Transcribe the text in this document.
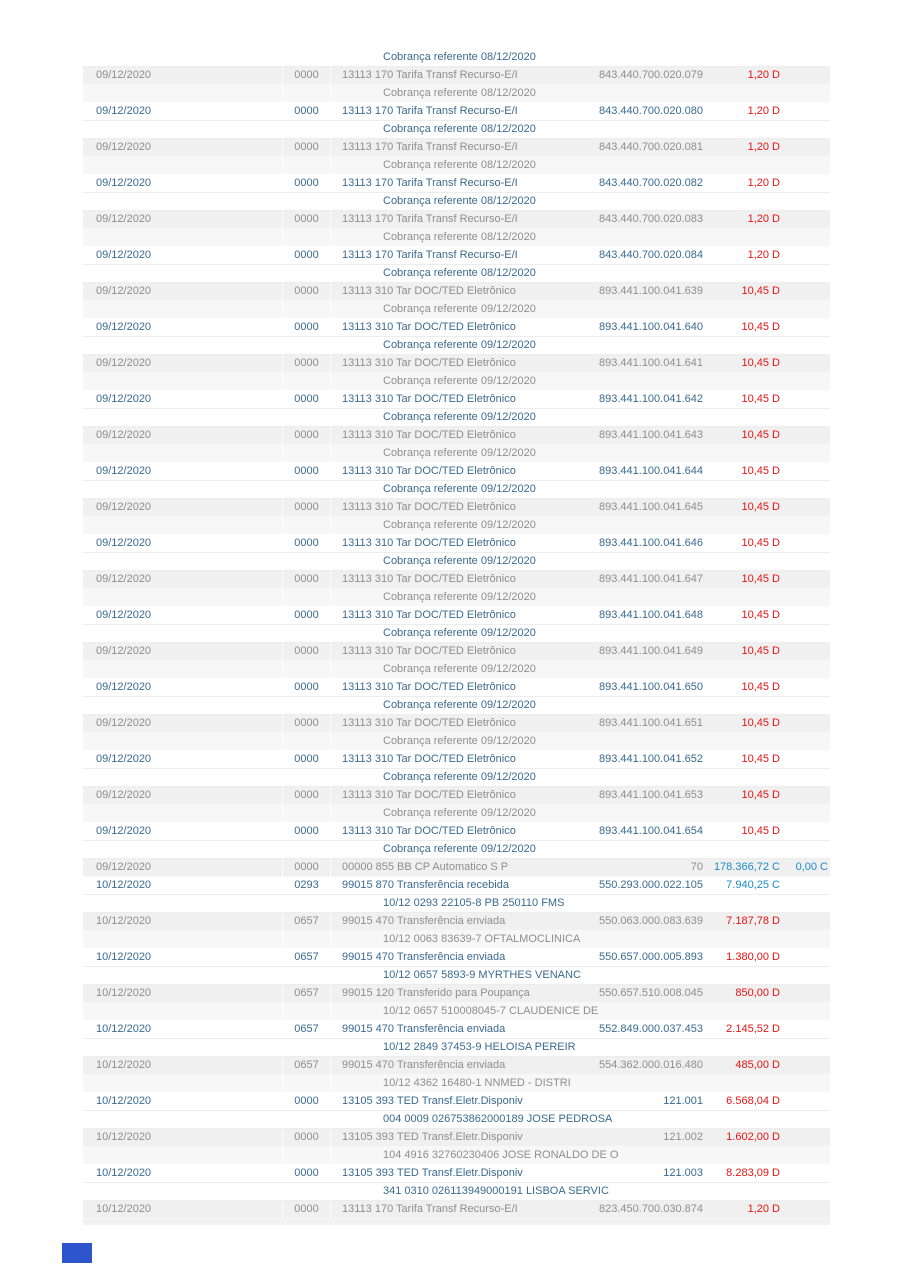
Cobrança referente 08/12/2020
09/12/2020	0000	13113 170 Tarifa Transf Recurso-E/I	843.440.700.020.079	1,20 D
Cobrança referente 08/12/2020
09/12/2020	0000	13113 170 Tarifa Transf Recurso-E/I	843.440.700.020.080	1,20 D
Cobrança referente 08/12/2020
09/12/2020	0000	13113 170 Tarifa Transf Recurso-E/I	843.440.700.020.081	1,20 D
Cobrança referente 08/12/2020
09/12/2020	0000	13113 170 Tarifa Transf Recurso-E/I	843.440.700.020.082	1,20 D
Cobrança referente 08/12/2020
09/12/2020	0000	13113 170 Tarifa Transf Recurso-E/I	843.440.700.020.083	1,20 D
Cobrança referente 08/12/2020
09/12/2020	0000	13113 170 Tarifa Transf Recurso-E/I	843.440.700.020.084	1,20 D
Cobrança referente 08/12/2020
09/12/2020	0000	13113 310 Tar DOC/TED Eletrônico	893.441.100.041.639	10,45 D
Cobrança referente 09/12/2020
09/12/2020	0000	13113 310 Tar DOC/TED Eletrônico	893.441.100.041.640	10,45 D
Cobrança referente 09/12/2020
09/12/2020	0000	13113 310 Tar DOC/TED Eletrônico	893.441.100.041.641	10,45 D
Cobrança referente 09/12/2020
09/12/2020	0000	13113 310 Tar DOC/TED Eletrônico	893.441.100.041.642	10,45 D
Cobrança referente 09/12/2020
09/12/2020	0000	13113 310 Tar DOC/TED Eletrônico	893.441.100.041.643	10,45 D
Cobrança referente 09/12/2020
09/12/2020	0000	13113 310 Tar DOC/TED Eletrônico	893.441.100.041.644	10,45 D
Cobrança referente 09/12/2020
09/12/2020	0000	13113 310 Tar DOC/TED Eletrônico	893.441.100.041.645	10,45 D
Cobrança referente 09/12/2020
09/12/2020	0000	13113 310 Tar DOC/TED Eletrônico	893.441.100.041.646	10,45 D
Cobrança referente 09/12/2020
09/12/2020	0000	13113 310 Tar DOC/TED Eletrônico	893.441.100.041.647	10,45 D
Cobrança referente 09/12/2020
09/12/2020	0000	13113 310 Tar DOC/TED Eletrônico	893.441.100.041.648	10,45 D
Cobrança referente 09/12/2020
09/12/2020	0000	13113 310 Tar DOC/TED Eletrônico	893.441.100.041.649	10,45 D
Cobrança referente 09/12/2020
09/12/2020	0000	13113 310 Tar DOC/TED Eletrônico	893.441.100.041.650	10,45 D
Cobrança referente 09/12/2020
09/12/2020	0000	13113 310 Tar DOC/TED Eletrônico	893.441.100.041.651	10,45 D
Cobrança referente 09/12/2020
09/12/2020	0000	13113 310 Tar DOC/TED Eletrônico	893.441.100.041.652	10,45 D
Cobrança referente 09/12/2020
09/12/2020	0000	13113 310 Tar DOC/TED Eletrônico	893.441.100.041.653	10,45 D
Cobrança referente 09/12/2020
09/12/2020	0000	13113 310 Tar DOC/TED Eletrônico	893.441.100.041.654	10,45 D
Cobrança referente 09/12/2020
09/12/2020	0000	00000 855 BB CP Automatico S P	70 178.366,72 C	0,00 C
10/12/2020	0293	99015 870 Transferência recebida	550.293.000.022.105	7.940,25 C
10/12 0293 22105-8 PB 250110 FMS
10/12/2020	0657	99015 470 Transferência enviada	550.063.000.083.639	7.187,78 D
10/12 0063 83639-7 OFTALMOCLINICA
10/12/2020	0657	99015 470 Transferência enviada	550.657.000.005.893	1.380,00 D
10/12 0657 5893-9 MYRTHES VENANC
10/12/2020	0657	99015 120 Transferido para Poupança	550.657.510.008.045	850,00 D
10/12 0657 510008045-7 CLAUDENICE DE
10/12/2020	0657	99015 470 Transferência enviada	552.849.000.037.453	2.145,52 D
10/12 2849 37453-9 HELOISA PEREIR
10/12/2020	0657	99015 470 Transferência enviada	554.362.000.016.480	485,00 D
10/12 4362 16480-1 NNMED - DISTRI
10/12/2020	0000	13105 393 TED Transf.Eletr.Disponiv	121.001	6.568,04 D
004 0009 026753862000189 JOSE PEDROSA
10/12/2020	0000	13105 393 TED Transf.Eletr.Disponiv	121.002	1.602,00 D
104 4916 32760230406 JOSE RONALDO DE O
10/12/2020	0000	13105 393 TED Transf.Eletr.Disponiv	121.003	8.283,09 D
341 0310 026113949000191 LISBOA SERVIC
10/12/2020	0000	13113 170 Tarifa Transf Recurso-E/I	823.450.700.030.874	1,20 D
